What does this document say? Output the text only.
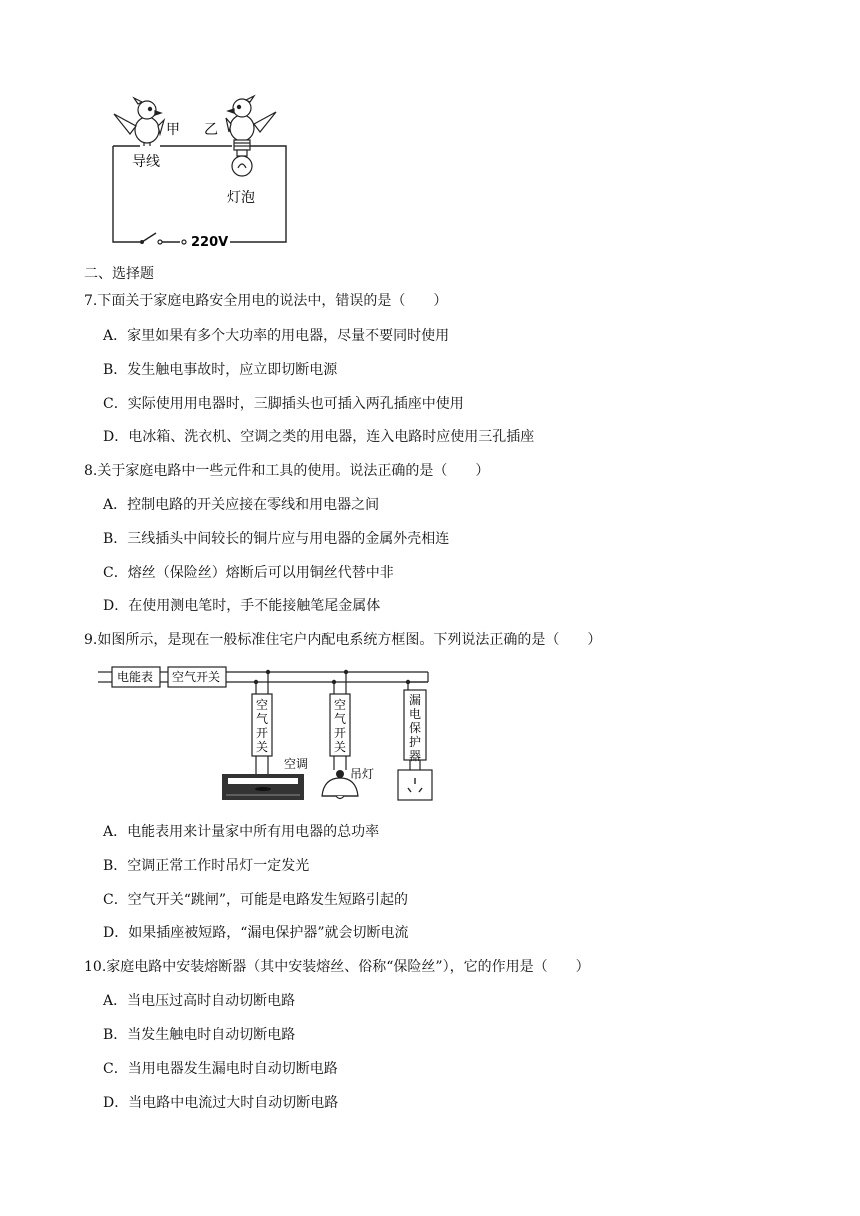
220V
甲 乙
导线
灯泡
二、选择题
7.下面关于家庭电路安全用电的说法中，错误的是（　　）
A．家里如果有多个大功率的用电器，尽量不要同时使用
B．发生触电事故时，应立即切断电源
C．实际使用用电器时，三脚插头也可插入两孔插座中使用
D．电冰箱、洗衣机、空调之类的用电器，连入电路时应使用三孔插座
8.关于家庭电路中一些元件和工具的使用。说法正确的是（　　）
A．控制电路的开关应接在零线和用电器之间
B．三线插头中间较长的铜片应与用电器的金属外壳相连
C．熔丝（保险丝）熔断后可以用铜丝代替中非
D．在使用测电笔时，手不能接触笔尾金属体
9.如图所示，是现在一般标准住宅户内配电系统方框图。下列说法正确的是（　　）
电能表 空气开关
空气开关
空调
空气开关
吊灯
漏电保护器
A．电能表用来计量家中所有用电器的总功率
B．空调正常工作时吊灯一定发光
C．空气开关“跳闸”，可能是电路发生短路引起的
D．如果插座被短路，“漏电保护器”就会切断电流
10.家庭电路中安装熔断器（其中安装熔丝、俗称“保险丝”），它的作用是（　　）
A．当电压过高时自动切断电路
B．当发生触电时自动切断电路
C．当用电器发生漏电时自动切断电路
D．当电路中电流过大时自动切断电路
